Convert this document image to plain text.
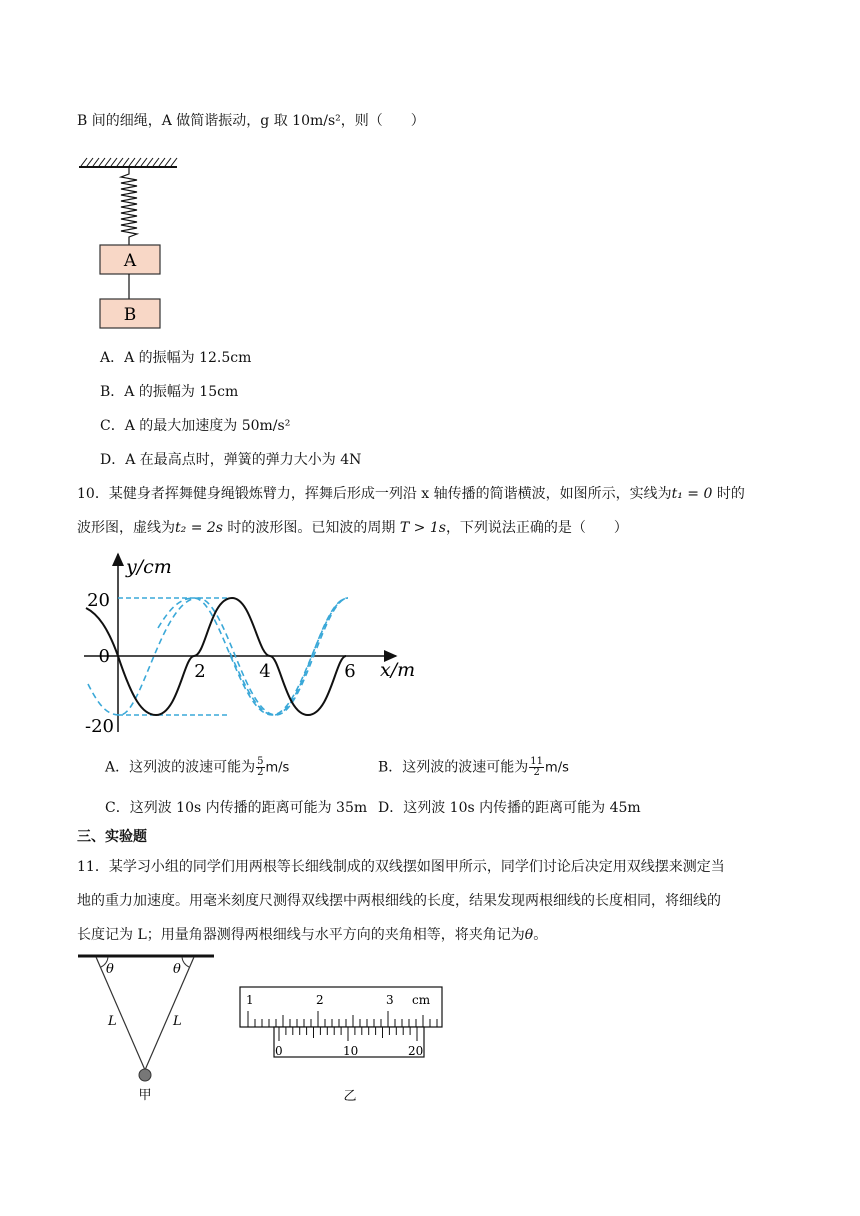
B 间的细绳，A 做简谐振动，g 取 10m/s²，则（　　）
A
B
A．A 的振幅为 12.5cm
B．A 的振幅为 15cm
C．A 的最大加速度为 50m/s²
D．A 在最高点时，弹簧的弹力大小为 4N
10．某健身者挥舞健身绳锻炼臂力，挥舞后形成一列沿 x 轴传播的简谐横波，如图所示，实线为t₁ = 0 时的
波形图，虚线为t₂ = 2s 时的波形图。已知波的周期 T > 1s，下列说法正确的是（　　）
y/cm
x/m
20
0
-20
2	4	6
A．这列波的波速可能为 $\frac{5}{2} m/s$	B．这列波的波速可能为 $\frac{11}{2} m/s$
C．这列波 10s 内传播的距离可能为 35m D．这列波 10s 内传播的距离可能为 45m
三、实验题
11．某学习小组的同学们用两根等长细线制成的双线摆如图甲所示，同学们讨论后决定用双线摆来测定当
地的重力加速度。用毫米刻度尺测得双线摆中两根细线的长度，结果发现两根细线的长度相同，将细线的
长度记为 L；用量角器测得两根细线与水平方向的夹角相等，将夹角记为θ。
θ	θ
L	L
甲
1	2	3 cm
0	10	20
乙
